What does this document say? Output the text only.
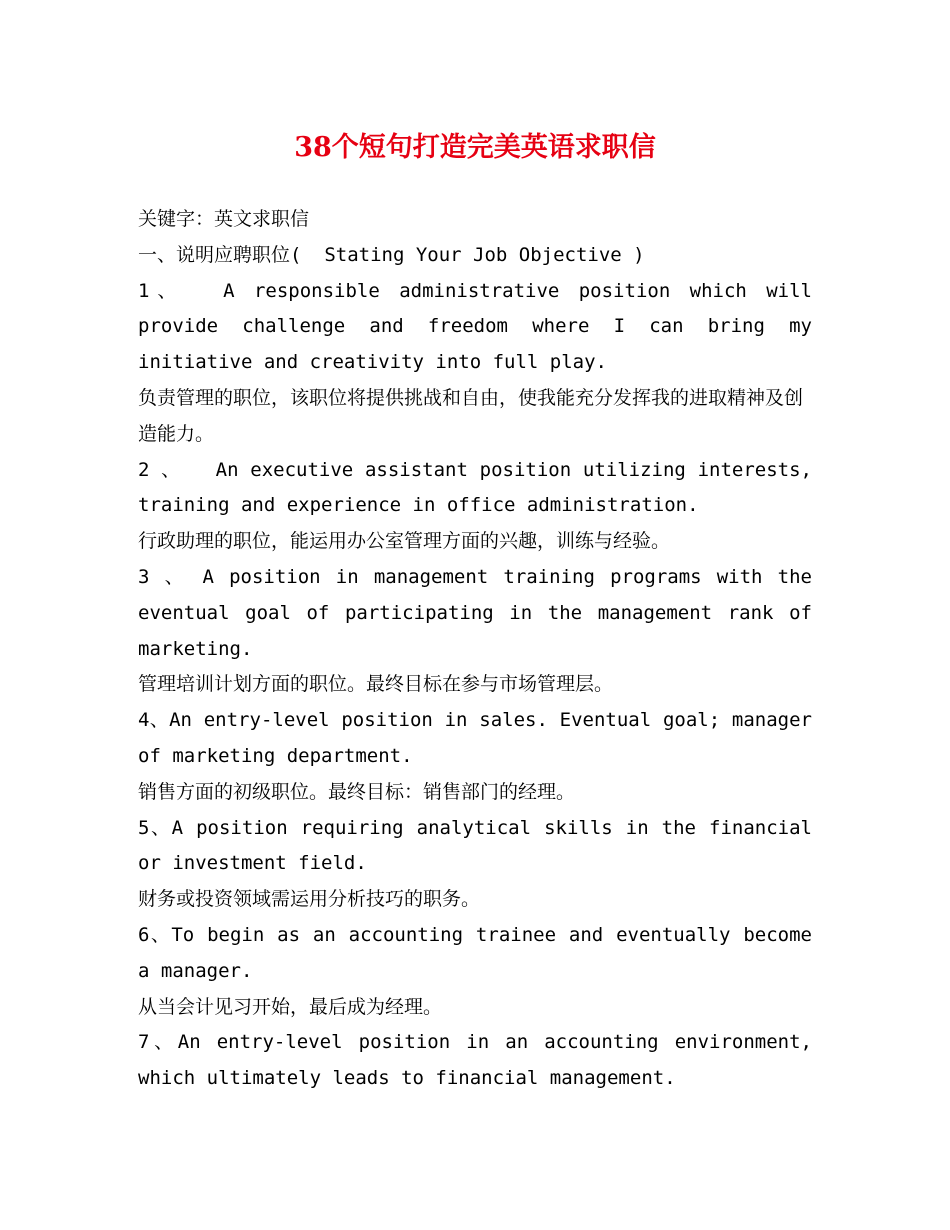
38个短句打造完美英语求职信

关键字：英文求职信

一、说明应聘职位(  Stating Your Job Objective )

1、  A responsible administrative position which will provide challenge and freedom where I can bring my initiative and creativity into full play.

负责管理的职位，该职位将提供挑战和自由，使我能充分发挥我的进取精神及创造能力。

2 、   An executive assistant position utilizing interests, training and experience in office administration.

行政助理的职位，能运用办公室管理方面的兴趣，训练与经验。

3 、 A position in management training programs with the eventual goal of participating in the management rank of marketing.

管理培训计划方面的职位。最终目标在参与市场管理层。

4、An entry-level position in sales. Eventual goal; manager of marketing department.

销售方面的初级职位。最终目标：销售部门的经理。

5、A position requiring analytical skills in the financial or investment field.

财务或投资领域需运用分析技巧的职务。

6、To begin as an accounting trainee and eventually become a manager.

从当会计见习开始，最后成为经理。

7、An entry-level position in an accounting environment, which ultimately leads to financial management.
